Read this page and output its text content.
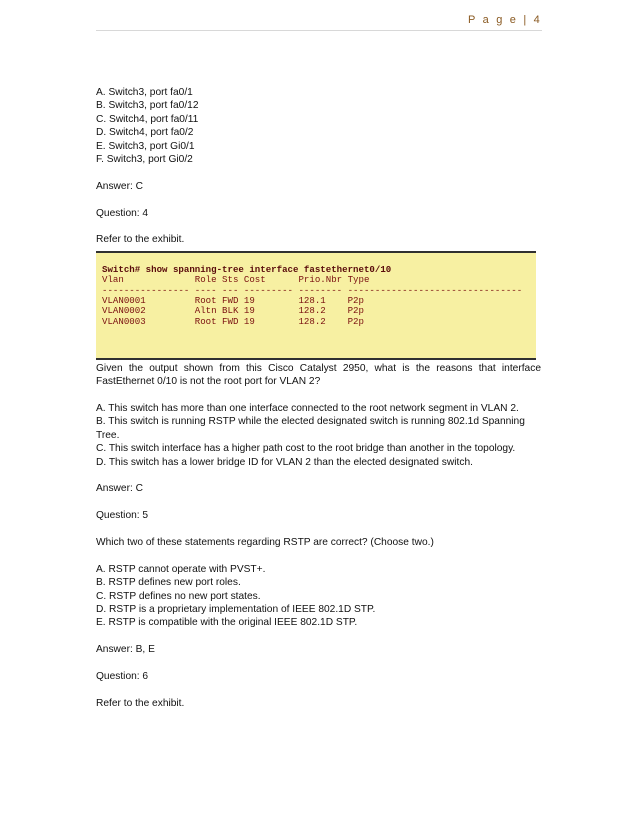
P a g e | 4

A. Switch3, port fa0/1

B. Switch3, port fa0/12

C. Switch4, port fa0/11

D. Switch4, port fa0/2

E. Switch3, port Gi0/1

F. Switch3, port Gi0/2

Answer: C

Question: 4

Refer to the exhibit.

Switch# show spanning-tree interface fastethernet0/10
Vlan             Role Sts Cost      Prio.Nbr Type
---------------- ---- --- --------- -------- --------------------------------
VLAN0001         Root FWD 19        128.1    P2p
VLAN0002         Altn BLK 19        128.2    P2p
VLAN0003         Root FWD 19        128.2    P2p

Given the output shown from this Cisco Catalyst 2950, what is the reasons that interface FastEthernet 0/10 is not the root port for VLAN 2?

A. This switch has more than one interface connected to the root network segment in VLAN 2.

B. This switch is running RSTP while the elected designated switch is running 802.1d Spanning Tree.

C. This switch interface has a higher path cost to the root bridge than another in the topology.

D. This switch has a lower bridge ID for VLAN 2 than the elected designated switch.

Answer: C

Question: 5

Which two of these statements regarding RSTP are correct? (Choose two.)

A. RSTP cannot operate with PVST+.

B. RSTP defines new port roles.

C. RSTP defines no new port states.

D. RSTP is a proprietary implementation of IEEE 802.1D STP.

E. RSTP is compatible with the original IEEE 802.1D STP.

Answer: B, E

Question: 6

Refer to the exhibit.
